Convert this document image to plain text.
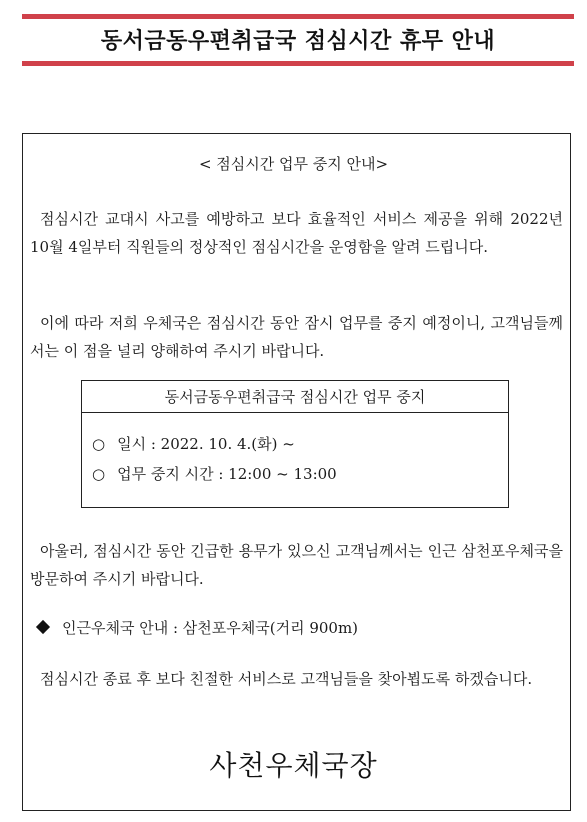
동서금동우편취급국 점심시간 휴무 안내
< 점심시간 업무 중지 안내>
점심시간 교대시 사고를 예방하고 보다 효율적인 서비스 제공을 위해 2022년 10월 4일부터 직원들의 정상적인 점심시간을 운영함을 알려 드립니다.
이에 따라 저희 우체국은 점심시간 동안 잠시 업무를 중지 예정이니, 고객님들께서는 이 점을 널리 양해하여 주시기 바랍니다.
동서금동우편취급국 점심시간 업무 중지
○ 일시 : 2022. 10. 4.(화) ~
○ 업무 중지 시간 : 12:00 ~ 13:00
아울러, 점심시간 동안 긴급한 용무가 있으신 고객님께서는 인근 삼천포우체국을 방문하여 주시기 바랍니다.
인근우체국 안내 : 삼천포우체국(거리 900m)
점심시간 종료 후 보다 친절한 서비스로 고객님들을 찾아뵙도록 하겠습니다.
사천우체국장
